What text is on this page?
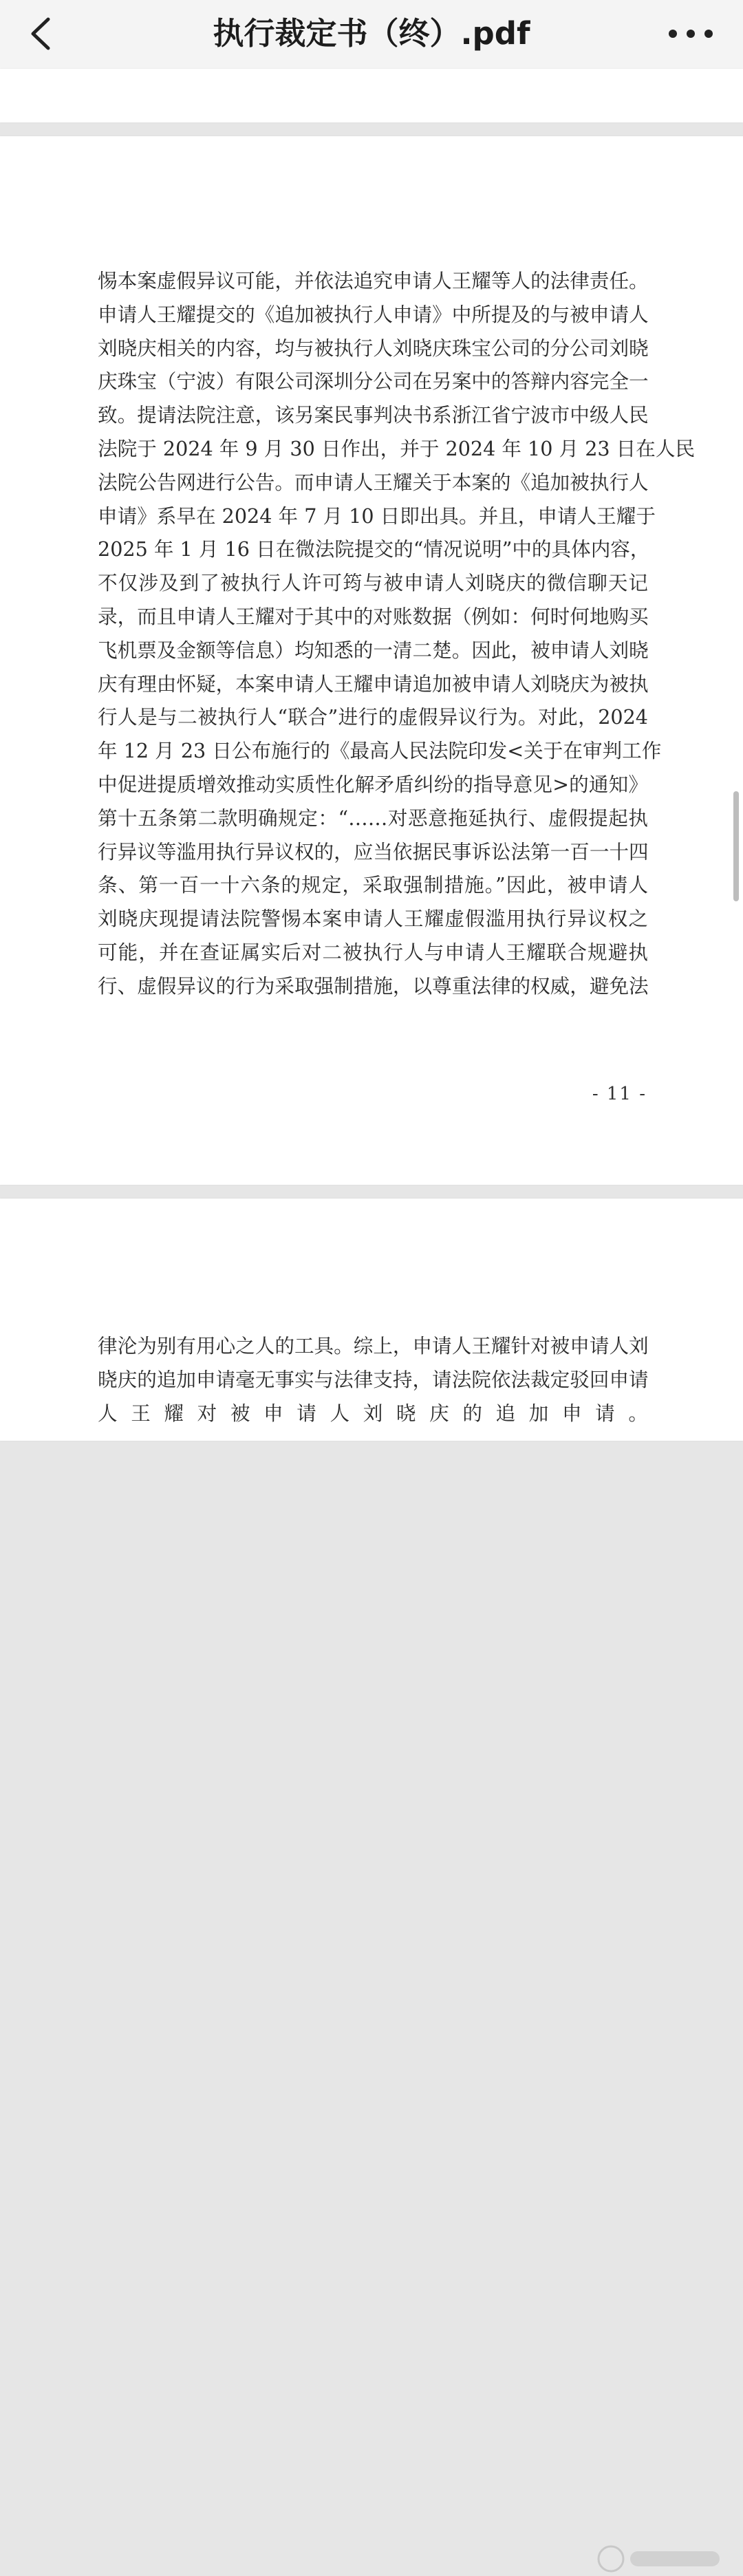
执行裁定书（终）.pdf
惕本案虚假异议可能，并依法追究申请人王耀等人的法律责任。
申请人王耀提交的《追加被执行人申请》中所提及的与被申请人
刘晓庆相关的内容，均与被执行人刘晓庆珠宝公司的分公司刘晓
庆珠宝（宁波）有限公司深圳分公司在另案中的答辩内容完全一
致。提请法院注意，该另案民事判决书系浙江省宁波市中级人民
法院于 2024 年 9 月 30 日作出，并于 2024 年 10 月 23 日在人民
法院公告网进行公告。而申请人王耀关于本案的《追加被执行人
申请》系早在 2024 年 7 月 10 日即出具。并且，申请人王耀于
2025 年 1 月 16 日在微法院提交的“情况说明”中的具体内容，
不仅涉及到了被执行人许可筠与被申请人刘晓庆的微信聊天记
录，而且申请人王耀对于其中的对账数据（例如：何时何地购买
飞机票及金额等信息）均知悉的一清二楚。因此，被申请人刘晓
庆有理由怀疑，本案申请人王耀申请追加被申请人刘晓庆为被执
行人是与二被执行人“联合”进行的虚假异议行为。对此，2024
年 12 月 23 日公布施行的《最高人民法院印发<关于在审判工作
中促进提质增效推动实质性化解矛盾纠纷的指导意见>的通知》
第十五条第二款明确规定：“……对恶意拖延执行、虚假提起执
行异议等滥用执行异议权的，应当依据民事诉讼法第一百一十四
条、第一百一十六条的规定，采取强制措施。”因此，被申请人
刘晓庆现提请法院警惕本案申请人王耀虚假滥用执行异议权之
可能，并在查证属实后对二被执行人与申请人王耀联合规避执
行、虚假异议的行为采取强制措施，以尊重法律的权威，避免法
- 11 -
律沦为别有用心之人的工具。综上，申请人王耀针对被申请人刘
晓庆的追加申请毫无事实与法律支持，请法院依法裁定驳回申请
人王耀对被申请人刘晓庆的追加申请。
